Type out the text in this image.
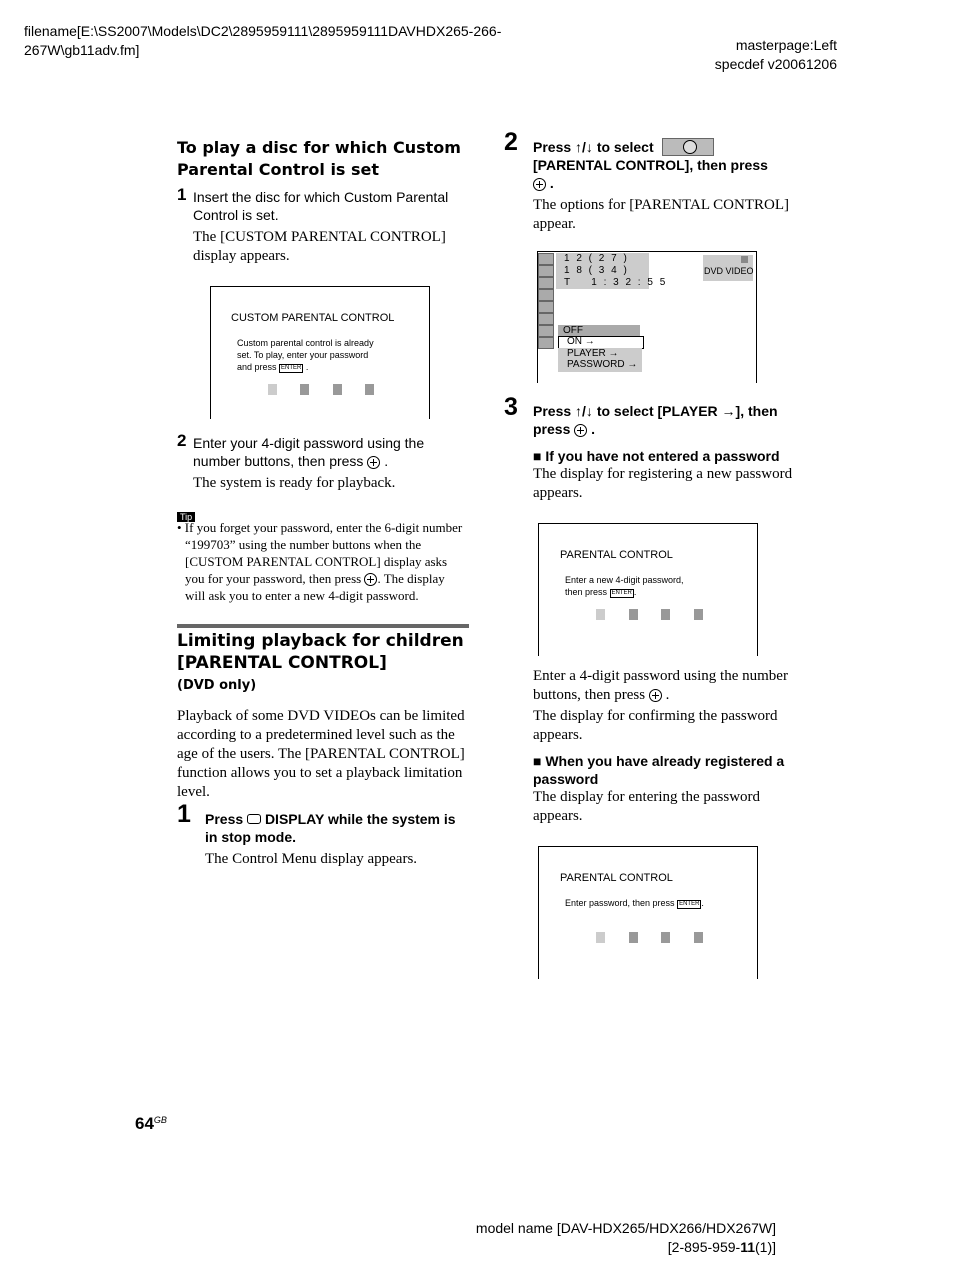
filename[E:\SS2007\Models\DC2\2895959111\2895959111DAVHDX265-266-
267W\gb11adv.fm]	masterpage:Left
specdef v20061206
To play a disc for which Custom
Parental Control is set
1 Insert the disc for which Custom Parental
Control is set.
The [CUSTOM PARENTAL CONTROL]
display appears.
CUSTOM PARENTAL CONTROL
Custom parental control is already
set. To play, enter your password
and press ENTER .
2 Enter your 4-digit password using the
number buttons, then press .
The system is ready for playback.
Tip
• If you forget your password, enter the 6-digit number
“199703” using the number buttons when the
[CUSTOM PARENTAL CONTROL] display asks
you for your password, then press . The display
will ask you to enter a new 4-digit password.
Limiting playback for children
[PARENTAL CONTROL]
(DVD only)
Playback of some DVD VIDEOs can be limited
according to a predetermined level such as the
age of the users. The [PARENTAL CONTROL]
function allows you to set a playback limitation
level.
1 Press DISPLAY while the system is
in stop mode.
The Control Menu display appears.
2 Press ↑/↓ to select
[PARENTAL CONTROL], then press
.
The options for [PARENTAL CONTROL]
appear.
1 2 ( 2 7 )
1 8 ( 3 4 )
T 1 : 3 2 : 5 5
DVD VIDEO
OFF
ON →
PLAYER →
PASSWORD →
3 Press ↑/↓ to select [PLAYER →], then
press .
■ If you have not entered a password
The display for registering a new password
appears.
PARENTAL CONTROL
Enter a new 4-digit password,
then press ENTER .
Enter a 4-digit password using the number
buttons, then press .
The display for confirming the password
appears.
■ When you have already registered a
password
The display for entering the password
appears.
PARENTAL CONTROL
Enter password, then press ENTER .
$64^{GB}$
model name [DAV-HDX265/HDX266/HDX267W]
[2-895-959-11(1)]
